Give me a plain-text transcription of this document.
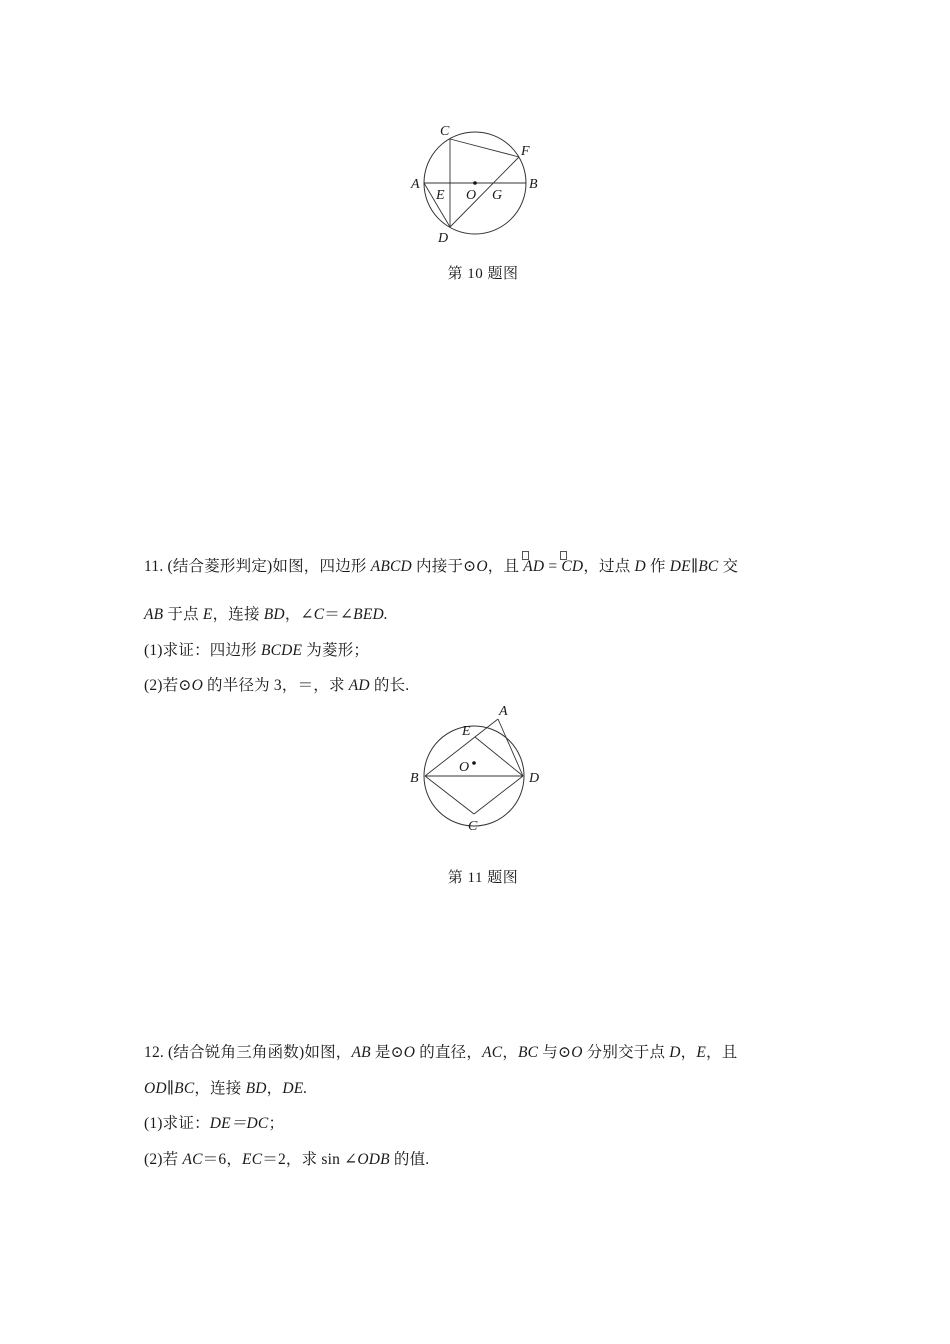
C
F
A
E O G
B
D
第 10 题图
11. (结合菱形判定)如图，四边形 ABCD 内接于⊙O，且
AD =
CD，过点 D 作 DE∥BC 交
AB 于点 E，连接 BD，∠C＝∠BED.
(1)求证：四边形 BCDE 为菱形；
(2)若⊙O 的半径为 3，＝，求 AD 的长.
A
E
O
B	D
C
第 11 题图
12. (结合锐角三角函数)如图，AB 是⊙O 的直径，AC，BC 与⊙O 分别交于点 D，E，且
OD∥BC，连接 BD，DE.
(1)求证：DE＝DC；
(2)若 AC＝6，EC＝2，求 sin ∠ODB 的值.
